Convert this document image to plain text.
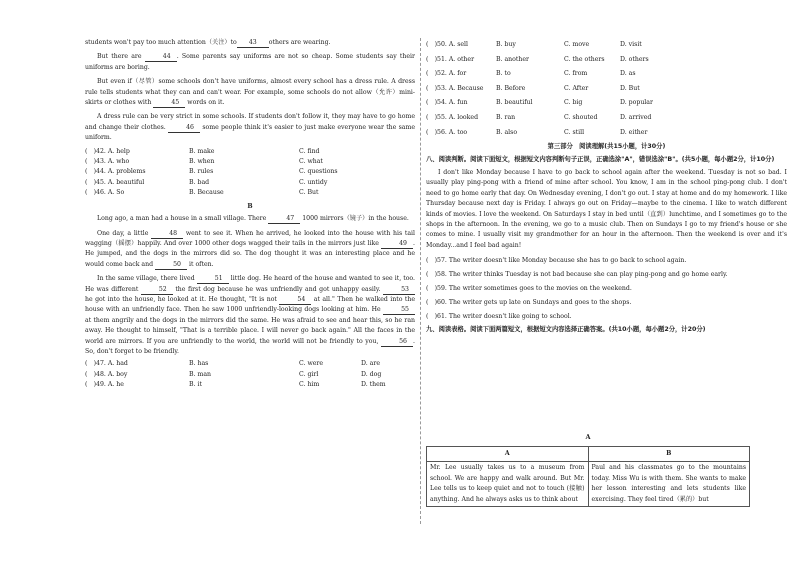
students won't pay too much attention（关注）to 43 others are wearing.

But there are	44 . Some parents say uniforms are not so cheap. Some students say their uniforms are boring.

But even if（尽管）some schools don't have uniforms, almost every school has a dress rule. A dress rule tells students what they can and can't wear. For example, some schools do not allow（允许）mini-skirts or clothes with	45 words on it.

A dress rule can be very strict in some schools. If students don't follow it, they may have to go home and change their clothes.	46 some people think it's easier to just make everyone wear the same uniform.

(　)42. A. help	B. make	C. find
(　)43. A. who	B. when	C. what
(　)44. A. problems	B. rules	C. questions
(　)45. A. beautiful	B. bad	C. untidy
(　)46. A. So	B. Because	C. But
B

Long ago, a man had a house in a small village. There	47 1000 mirrors（镜子）in the house.

One day, a little	48 went to see it. When he arrived, he looked into the house with his tail wagging（摇摆）happily. And over 1000 other dogs wagged their tails in the mirrors just like	49 . He jumped, and the dogs in the mirrors did so. The dog thought it was an interesting place and he would come back and	50 it often.

In the same village, there lived	51 little dog. He heard of the house and wanted to see it, too. He was different	52 the first dog because he was unfriendly and got unhappy easily.	53 he got into the house, he looked at it. He thought, "It is not	54 at all." Then he walked into the house with an unfriendly face. Then he saw 1000 unfriendly-looking dogs looking at him. He	55 at them angrily and the dogs in the mirrors did the same. He was afraid to see and hear this, so he ran away. He thought to himself, "That is a terrible place. I will never go back again." All the faces in the world are mirrors. If you are unfriendly to the world, the world will not be friendly to you,	56 . So, don't forget to be friendly.

(　)47. A. had	B. has	C. were	D. are
(　)48. A. boy	B. man	C. girl	D. dog
(　)49. A. he	B. it	C. him	D. them
(　)50. A. sell	B. buy	C. move	D. visit
(　)51. A. other	B. another	C. the others	D. others
(　)52. A. for	B. to	C. from	D. as
(　)53. A. Because	B. Before	C. After	D. But
(　)54. A. fun	B. beautiful	C. big	D. popular
(　)55. A. looked	B. ran	C. shouted	D. arrived
(　)56. A. too	B. also	C. still	D. either
第三部分　阅读理解(共15小题，计30分)
八、阅读判断。阅读下面短文，根据短文内容判断句子正误，正确选涂"A"，错误选涂"B"。(共5小题，每小题2分，计10分)

I don't like Monday because I have to go back to school again after the weekend. Tuesday is not so bad. I usually play ping-pong with a friend of mine after school. You know, I am in the school ping-pong club. I don't need to go home early that day. On Wednesday evening, I don't go out. I stay at home and do my homework. I like Thursday because next day is Friday. I always go out on Friday—maybe to the cinema. I like to watch different kinds of movies. I love the weekend. On Saturdays I stay in bed until（直到）lunchtime, and I sometimes go to the shops in the afternoon. In the evening, we go to a music club. Then on Sundays I go to my friend's house or she comes to mine. I usually visit my grandmother for an hour in the afternoon. Then the weekend is over and it's Monday...and I feel bad again!

(　)57. The writer doesn't like Monday because she has to go back to school again.
(　)58. The writer thinks Tuesday is not bad because she can play ping-pong and go home early.
(　)59. The writer sometimes goes to the movies on the weekend.
(　)60. The writer gets up late on Sundays and goes to the shops.
(　)61. The writer doesn't like going to school.
九、阅读表格。阅读下面两篇短文，根据短文内容选择正确答案。(共10小题，每小题2分，计20分)
A
A	B
Mr. Lee usually takes us to a museum from school. We are happy and walk around. But Mr. Lee tells us to keep quiet and not to touch (接触) anything. And he always asks us to think about	Paul and his classmates go to the mountains today. Miss Wu is with them. She wants to make her lesson interesting and lets students like exercising. They feel tired（累的）but
